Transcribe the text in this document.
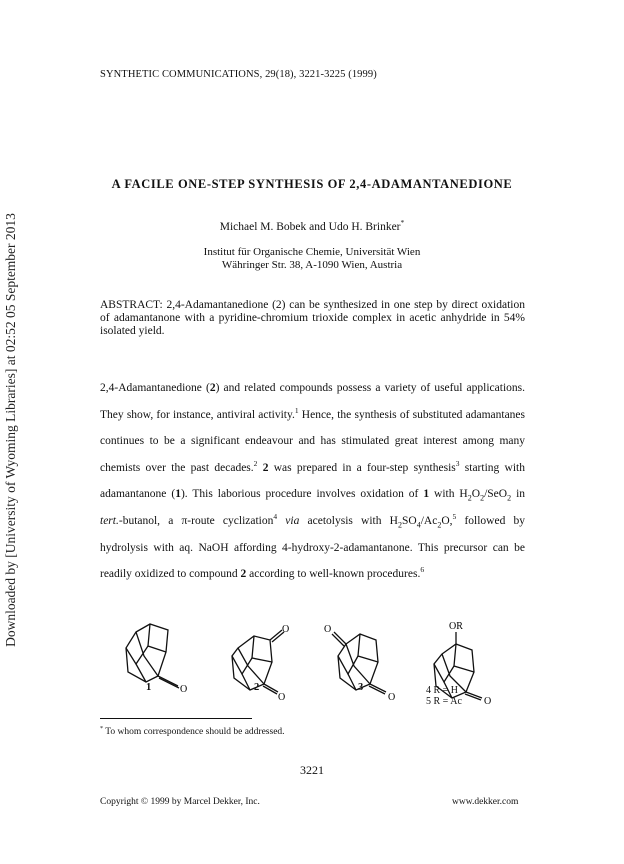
Downloaded by [University of Wyoming Libraries] at 02:52 05 September 2013
SYNTHETIC COMMUNICATIONS, 29(18), 3221-3225 (1999)
A FACILE ONE-STEP SYNTHESIS OF 2,4-ADAMANTANEDIONE
Michael M. Bobek and Udo H. Brinker*
Institut für Organische Chemie, Universität Wien
Währinger Str. 38, A-1090 Wien, Austria
ABSTRACT: 2,4-Adamantanedione (2) can be synthesized in one step by direct oxidation of adamantanone with a pyridine-chromium trioxide complex in acetic anhydride in 54% isolated yield.

2,4-Adamantanedione (2) and related compounds possess a variety of useful applications. They show, for instance, antiviral activity.$^1$ Hence, the synthesis of substituted adamantanes continues to be a significant endeavour and has stimulated great interest among many chemists over the past decades.$^2$ 2 was prepared in a four-step synthesis$^3$ starting with adamantanone (1). This laborious procedure involves oxidation of 1 with $H_2O_2/SeO_2$ in tert.-butanol, a π-route cyclization$^4$ via acetolysis with $H_2SO_4/Ac_2O,^5$ followed by hydrolysis with aq. NaOH affording 4-hydroxy-2-adamantanone. This precursor can be readily oxidized to compound 2 according to well-known procedures.$^6$

O
1
O
O
2
O
O
3
OR
O
4 R = H
5 R = Ac
* To whom correspondence should be addressed.
3221
Copyright © 1999 by Marcel Dekker, Inc.	www.dekker.com
